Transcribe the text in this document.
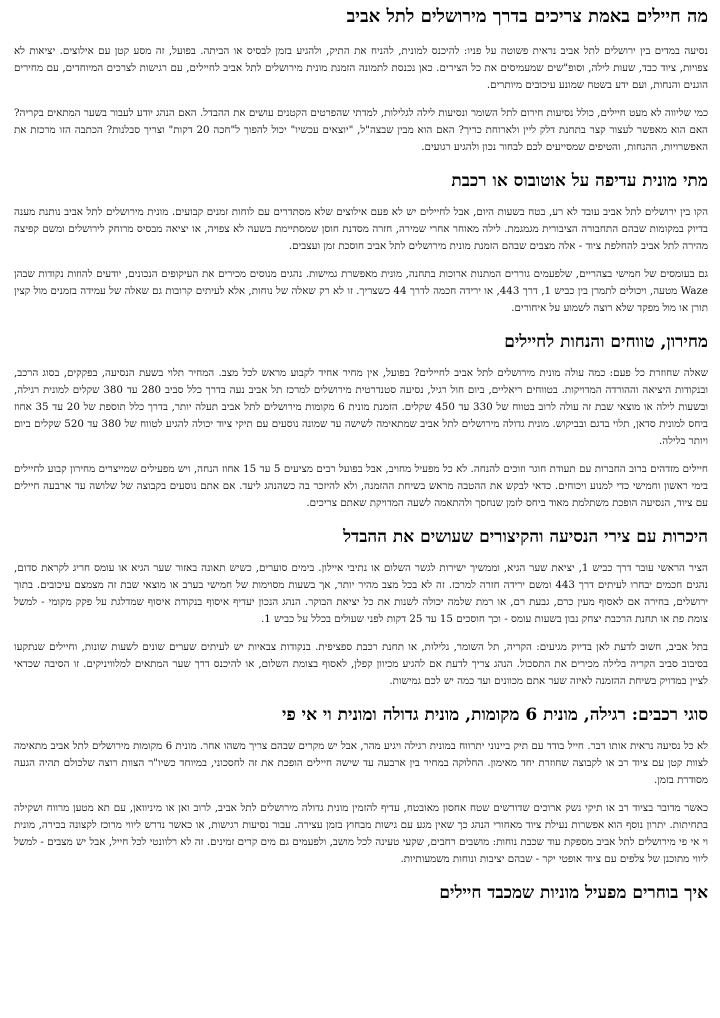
מה חיילים באמת צריכים בדרך מירושלים לתל אביב

נסיעה במדים בין ירושלים לתל אביב נראית פשוטה על פניו: להיכנס למונית, להניח את התיק, ולהגיע בזמן לבסיס או הביתה. בפועל, זה מסע קטן עם אילוצים. יציאות לא צפויות, ציוד כבד, שעות לילה, וסופ"שים שמעמיסים את כל הצירים. כאן נכנסת לתמונה הזמנת מונית מירושלים לתל אביב לחיילים, עם רגישות לצרכים המיוחדים, עם מחירים הוגנים והנחות, ועם ידע בשטח שמונע עיכובים מיותרים.

כמי שליווה לא מעט חיילים, כולל נסיעות חירום לתל השומר ונסיעות לילה לגלילות, למדתי שהפרטים הקטנים עושים את ההבדל. האם הנהג יודע לעבור בשער המתאים בקריה? האם הוא מאפשר לעצור קצר בתחנת דלק ליין ולארוחת כריך? האם הוא מבין שבצה"ל, "יוצאים עכשיו" יכול להפוך ל"חכה 20 דקות" וצריך סבלנות? הכתבה הזו מרכזת את האפשרויות, ההנחות, והטיפים שמסייעים לכם לבחור נכון ולהגיע רגועים.

מתי מונית עדיפה על אוטובוס או רכבת

הקו בין ירושלים לתל אביב עובד לא רע, בטח בשעות היום, אבל לחיילים יש לא פעם אילוצים שלא מסתדרים עם לוחות זמנים קבועים. מונית מירושלים לתל אביב נותנת מענה בדיוק במקומות שבהם התחבורה הציבורית מגמגמת. לילה מאוחר אחרי שמירה, חזרה מסדנת חוסן שמסתיימת בשעה לא צפויה, או יציאה מבסיס מרוחק לירושלים ומשם קפיצה מהירה לתל אביב להחלפת ציוד - אלה מצבים שבהם הזמנת מונית מירושלים לתל אביב חוסכת זמן ועצבים.

גם בעומסים של חמישי בצהריים, שלפעמים גוררים המתנות ארוכות בתחנה, מונית מאפשרת גמישות. נהגים מנוסים מכירים את העיקופים הנכונים, יודעים להוזות נקודות שבהן Waze מטעה, ויכולים לתמרן בין כביש 1, דרך 443, או ירידה חכמה לדרך 44 כשצריך. זו לא רק שאלה של נוחות, אלא לעיתים קרובות גם שאלה של עמידה בזמנים מול קצין תורן או מול מפקד שלא רוצה לשמוע על איחורים.

מחירון, טווחים והנחות לחיילים

שאלה שחוזרת כל פעם: כמה עולה מונית מירושלים לתל אביב לחיילים? בפועל, אין מחיר אחיד לקבוע מראש לכל מצב. המחיר תלוי בשעת הנסיעה, בפקקים, בסוג הרכב, ובנקודות היציאה וההורדה המדויקות. בטווחים ריאליים, ביום חול רגיל, נסיעה סטנדרטית מירושלים למרכז תל אביב נעה בדרך כלל סביב 280 עד 380 שקלים למונית רגילה, ובשעות לילה או מוצאי שבת זה עולה לרוב בטווח של 330 עד 450 שקלים. הזמנת מונית 6 מקומות מירושלים לתל אביב תעלה יותר, בדרך כלל תוספת של 20 עד 35 אחוז ביחס למונית סדאן, תלוי בדגם ובביקוש. מונית גדולה מירושלים לתל אביב שמתאימה לשישה עד שמונה נוסעים עם תיקי ציוד יכולה להגיע לטווח של 380 עד 520 שקלים ביום ויותר בלילה.

חיילים מזדהים ברוב החברות עם תעודת חוגר וזוכים להנחה. לא כל מפעיל מחויב, אבל בפועל רבים מציעים 5 עד 15 אחוז הנחה, ויש מפעילים שמייצרים מחירון קבוע לחיילים בימי ראשון וחמישי כדי למנוע ויכוחים. כדאי לבקש את ההטבה מראש בשיחת ההזמנה, ולא להיזכר בה כשהנהג ליעד. אם אתם נוסעים בקבוצה של שלושה עד ארבעה חיילים עם ציוד, הנסיעה הופכת משתלמת מאוד ביחס לזמן שנחסך ולהתאמה לשעה המדויקת שאתם צריכים.

היכרות עם צירי הנסיעה והקיצורים שעושים את ההבדל

הציר הראשי עובר דרך כביש 1, יציאת שער הגיא, וממשיך ישירות לגשר השלום או נתיבי איילון. בימים סוערים, כשיש תאונה באזור שער הגיא או עומס חריג לקראת סדום, נהגים חכמים יבחרו לעיתים דרך 443 ומשם ירידה חזרה למרכז. זה לא בכל מצב מהיר יותר, אך בשעות מסוימות של חמישי בערב או מוצאי שבת זה מצמצם עיכובים. בתוך ירושלים, בחירה אם לאסוף מעין כרם, גבעת רם, או רמת שלמה יכולה לשנות את כל יציאת הבוקר. הנהג הנכון יעדיף איסוף בנקודת איסוף שמדלגת על פקק מקומי - למשל צומת פת או תחנת הרכבת יצחק נבון בשעות עומס - וכך חוסכים 15 עד 25 דקות לפני שעולים בכלל על כביש 1.

בתל אביב, חשוב לדעת לאן בדיוק מגיעים: הקריה, תל השומר, גלילות, או תחנת רכבת ספציפית. בנקודות צבאיות יש לעיתים שערים שונים לשעות שונות, וחיילים שנתקעו בסיבוב סביב הקריה בלילה מכירים את התסכול. הנהג צריך לדעת אם להגיע מכיוון קפלן, לאסוף בצומת השלום, או להיכנס דרך שער המתאים למלוויניקים. זו הסיבה שכדאי לציין במדויק בשיחת ההזמנה לאיזה שער אתם מכוונים ועד כמה יש לכם גמישות.

סוגי רכבים: רגילה, מונית 6 מקומות, מונית גדולה ומונית וי אי פי

לא כל נסיעה נראית אותו דבר. חייל בודד עם תיק ביינוני יתרווח במונית רגילה ויגיע מהר, אבל יש מקרים שבהם צריך משהו אחר. מונית 6 מקומות מירושלים לתל אביב מתאימה לצוות קטן עם ציוד רב או לקבוצה שחוזרת יחד מאימון. החלוקה במחיר בין ארבעה עד שישה חיילים הופכת את זה לחסכוני, במיוחד כשיו"ר הצוות רוצה שלכולם תהיה הגעה מסודרת בזמן.

כאשר מדובר בציוד רב או תיקי נשק ארוכים שדורשים שטח אחסון מאובטח, עדיף להזמין מונית גדולה מירושלים לתל אביב, לרוב ואן או מיניוואן, עם תא מטען מרווח ושקילה בתחיתות. יתרון נוסף הוא אפשרות נעילת ציוד מאחורי הנהג כך שאין מגע עם גישות מבחוץ בזמן עצירה. עבור נסיעות רגישות, או כאשר נדרש ליווי מרוכז לקצונה בכירה, מונית וי אי פי מירושלים לתל אביב מספקת עוד שכבת נוחות: מושבים רחבים, שקעי טעינה לכל מושב, ולפעמים גם מים קרים זמינים. זה לא רלוונטי לכל חייל, אבל יש מצבים - למשל ליווי מתוכנן של צלפים עם ציוד אופטי יקר - שבהם יציבות ונוחות משמעותיות.

איך בוחרים מפעיל מוניות שמכבד חיילים
